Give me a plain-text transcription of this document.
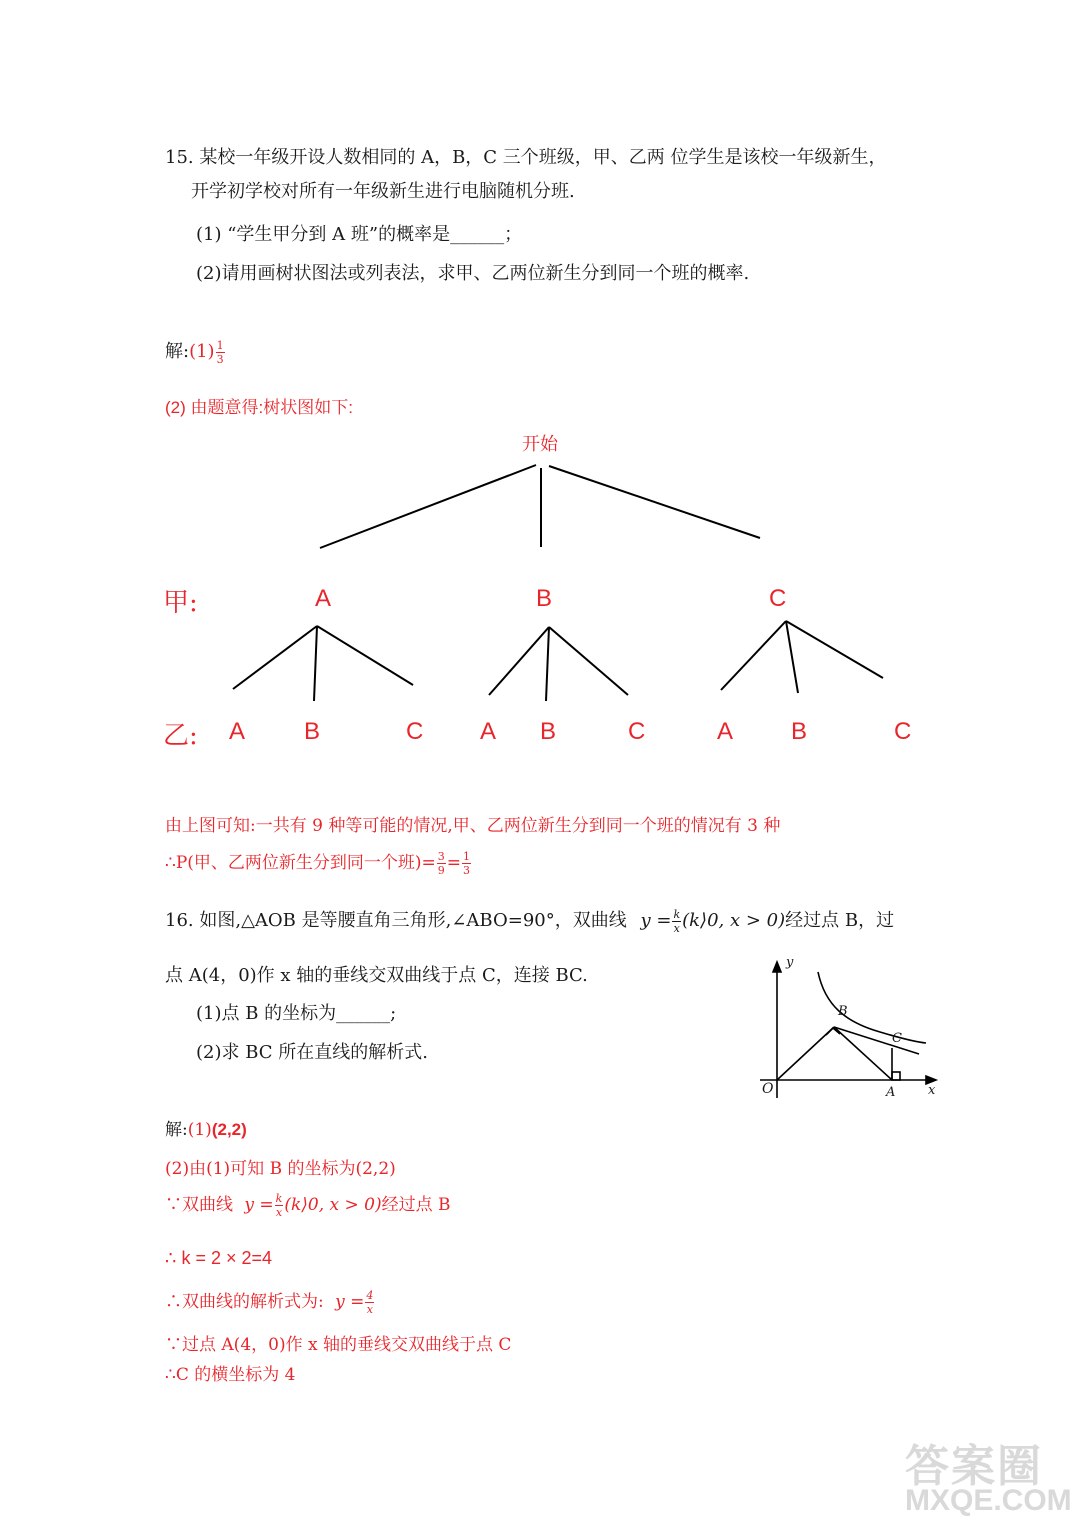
15. 某校一年级开设人数相同的 A，B，C 三个班级，甲、乙两 位学生是该校一年级新生，
开学初学校对所有一年级新生进行电脑随机分班.
(1) “学生甲分到 A 班”的概率是______；
(2)请用画树状图法或列表法，求甲、乙两位新生分到同一个班的概率.
解:(1) $\frac{1}{3}$
(2) 由题意得:树状图如下:
开始
甲:	A	B	C
乙: A B	C A B	C	A B	C
由上图可知:一共有 9 种等可能的情况,甲、乙两位新生分到同一个班的情况有 3 种
∴P(甲、乙两位新生分到同一个班)= $\frac{3}{9} = \frac{1}{3}$
16. 如图,△AOB 是等腰直角三角形,∠ABO=90°，双曲线 $y = \frac{k}{x}$ (k⟩0, x > 0)经过点 B，过
点 A(4，0)作 x 轴的垂线交双曲线于点 C，连接 BC.
(1)点 B 的坐标为______;
(2)求 BC 所在直线的解析式.
y
x
O	A
B
C
解:(1)(2,2)
(2)由(1)可知 B 的坐标为(2,2)
∵双曲线 $y = \frac{k}{x}$ (k⟩0, x > 0)经过点 B
∴ k = 2 × 2=4
∴双曲线的解析式为: $y = \frac{4}{x}$
∵过点 A(4，0)作 x 轴的垂线交双曲线于点 C
∴C 的横坐标为 4
答案圈
MXQE.COM
